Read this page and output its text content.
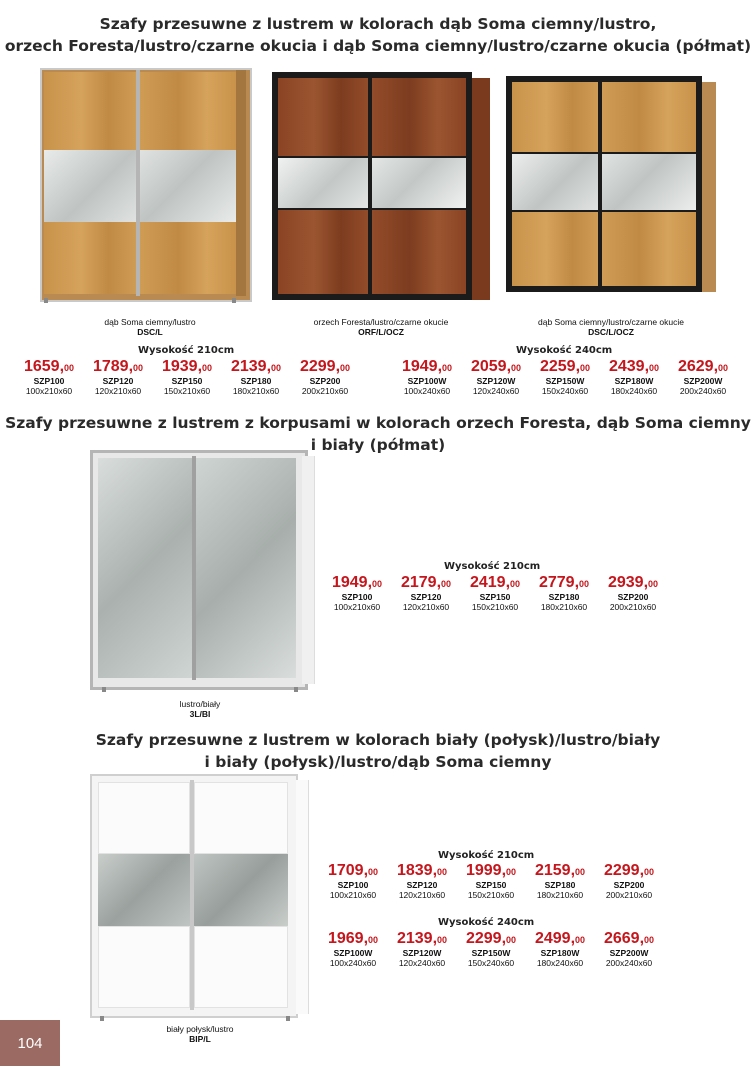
Szafy przesuwne z lustrem w kolorach dąb Soma ciemny/lustro,
orzech Foresta/lustro/czarne okucia i dąb Soma ciemny/lustro/czarne okucia (półmat)
dąb Soma ciemny/lustro
DSC/L
orzech Foresta/lustro/czarne okucie
ORF/L/OCZ
dąb Soma ciemny/lustro/czarne okucie
DSC/L/OCZ
Wysokość 210cm	Wysokość 240cm
1659,00
SZP100
100x210x60
1789,00
SZP120
120x210x60
1939,00
SZP150
150x210x60
2139,00
SZP180
180x210x60
2299,00
SZP200
200x210x60
1949,00
SZP100W
100x240x60
2059,00
SZP120W
120x240x60
2259,00
SZP150W
150x240x60
2439,00
SZP180W
180x240x60
2629,00
SZP200W
200x240x60
Szafy przesuwne z lustrem z korpusami w kolorach orzech Foresta, dąb Soma ciemny
i biały (półmat)
lustro/biały
3L/BI
Wysokość 210cm
1949,00
SZP100
100x210x60
2179,00
SZP120
120x210x60
2419,00
SZP150
150x210x60
2779,00
SZP180
180x210x60
2939,00
SZP200
200x210x60
Szafy przesuwne z lustrem w kolorach biały (połysk)/lustro/biały
i biały (połysk)/lustro/dąb Soma ciemny
biały połysk/lustro
BIP/L
Wysokość 210cm
1709,00
SZP100
100x210x60
1839,00
SZP120
120x210x60
1999,00
SZP150
150x210x60
2159,00
SZP180
180x210x60
2299,00
SZP200
200x210x60
Wysokość 240cm
1969,00
SZP100W
100x240x60
2139,00
SZP120W
120x240x60
2299,00
SZP150W
150x240x60
2499,00
SZP180W
180x240x60
2669,00
SZP200W
200x240x60
104
